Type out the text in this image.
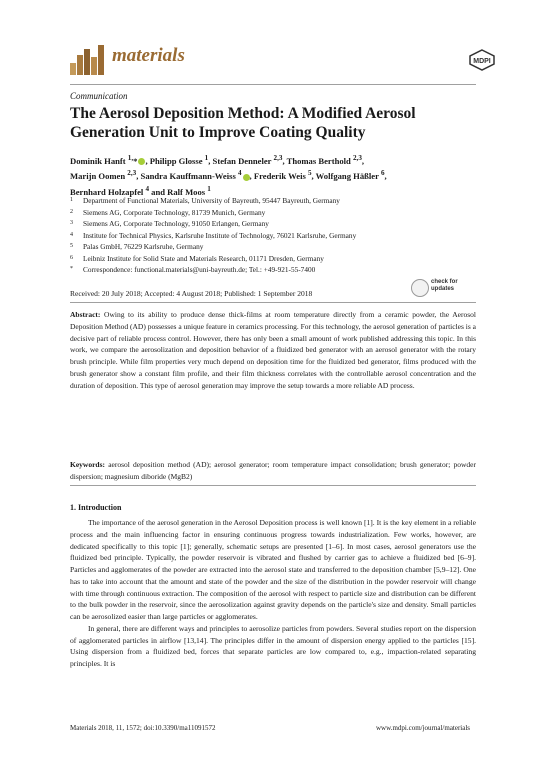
materials	MDPI
Communication
The Aerosol Deposition Method: A Modified Aerosol Generation Unit to Improve Coating Quality
Dominik Hanft $^{1,}$* , Philipp Glosse $^1$, Stefan Denneler $^{2,3}$, Thomas Berthold $^{2,3}$,
Marijn Oomen $^{2,3}$, Sandra Kauffmann-Weiss $^4$ , Frederik Weis $^5$, Wolfgang Häßler $^6$,
Bernhard Holzapfel $^4$ and Ralf Moos $^1$
1	Department of Functional Materials, University of Bayreuth, 95447 Bayreuth, Germany
2	Siemens AG, Corporate Technology, 81739 Munich, Germany
3	Siemens AG, Corporate Technology, 91050 Erlangen, Germany
4	Institute for Technical Physics, Karlsruhe Institute of Technology, 76021 Karlsruhe, Germany
5	Palas GmbH, 76229 Karlsruhe, Germany
6	Leibniz Institute for Solid State and Materials Research, 01171 Dresden, Germany
*	Correspondence: functional.materials@uni-bayreuth.de; Tel.: +49-921-55-7400
check for
updates
Received: 20 July 2018; Accepted: 4 August 2018; Published: 1 September 2018
Abstract: Owing to its ability to produce dense thick-films at room temperature directly from a ceramic powder, the Aerosol Deposition Method (AD) possesses a unique feature in ceramics processing. For this technology, the aerosol generation of particles is a decisive part of reliable process control. However, there has only been a small amount of work published addressing this topic. In this work, we compare the aerosolization and deposition behavior of a fluidized bed generator with an aerosol generator with the rotary brush principle. While film properties very much depend on deposition time for the fluidized bed generator, films produced with the brush generator show a constant film profile, and their film thickness correlates with the controllable aerosol concentration and the duration of deposition. This type of aerosol generation may improve the setup towards a more reliable AD process.
Keywords: aerosol deposition method (AD); aerosol generator; room temperature impact consolidation; brush generator; powder dispersion; magnesium diboride (MgB2)
1. Introduction

The importance of the aerosol generation in the Aerosol Deposition process is well known [1]. It is the key element in a reliable process and the main influencing factor in ensuring continuous progress towards industrialization. Few works, however, are dedicated specifically to this topic [1]; generally, schematic setups are presented [1–6]. In most cases, aerosol generators use the fluidized bed principle. Typically, the powder reservoir is vibrated and flushed by carrier gas to achieve a fluidized bed [6–9]. Particles and agglomerates of the powder are extracted into the aerosol state and transferred to the deposition chamber [5,9–12]. One has to take into account that the amount and state of the powder and the size of the distribution in the powder reservoir will change with time through continuous extraction. The composition of the aerosol with respect to particle size and distribution can be different to the bulk powder in the reservoir, since the aerosolization against gravity depends on the particle's size and density. Small particles can be aerosolized easier than large particles or agglomerates.

In general, there are different ways and principles to aerosolize particles from powders. Several studies report on the dispersion of agglomerated particles in airflow [13,14]. The principles differ in the amount of dispersion energy applied to the particles [15]. Using dispersion from a fluidized bed, forces that separate particles are low compared to, e.g., impaction-related separating principles. It is

Materials 2018, 11, 1572; doi:10.3390/ma11091572	www.mdpi.com/journal/materials
